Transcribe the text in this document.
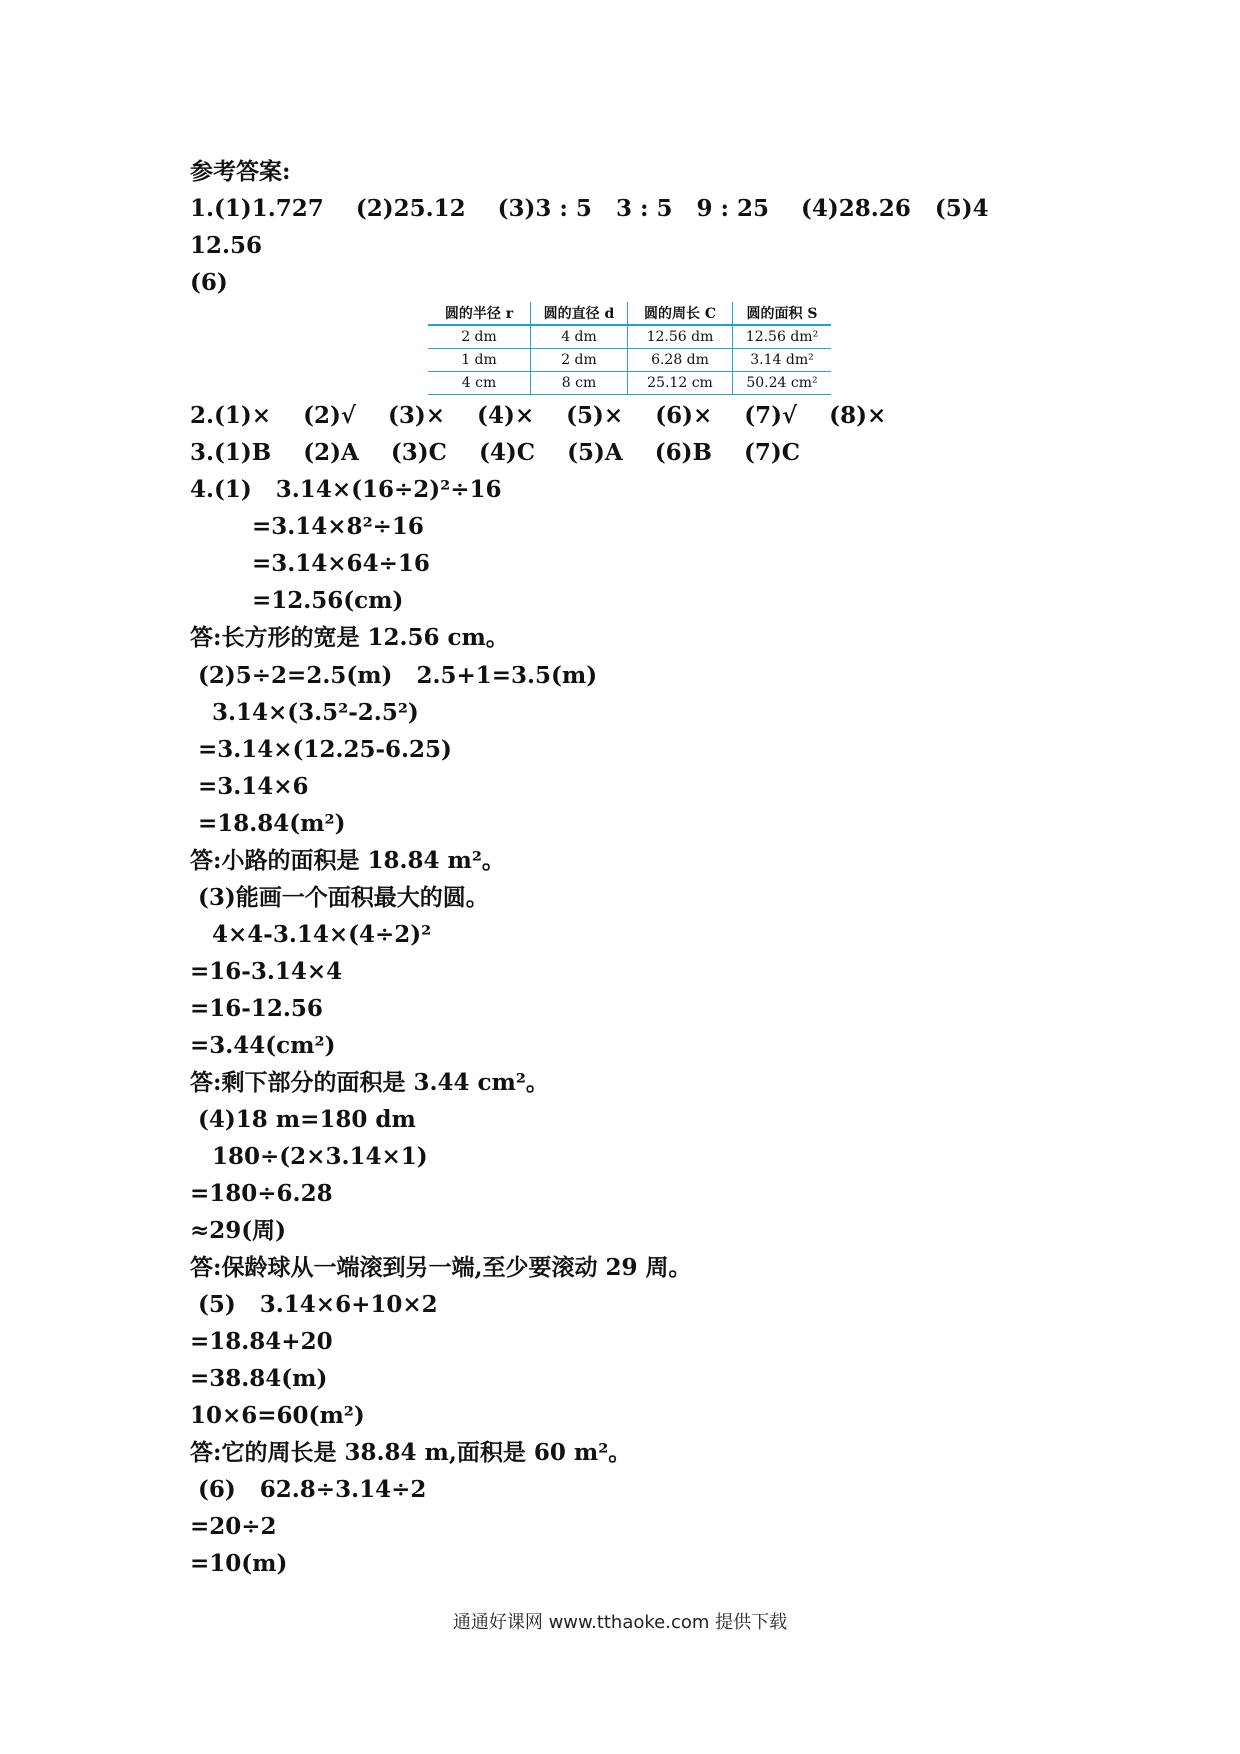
参考答案:
1.(1)1.727    (2)25.12    (3)3 : 5   3 : 5   9 : 25    (4)28.26   (5)4
12.56
(6)
圆的半径 r	圆的直径 d	圆的周长 C	圆的面积 S
2 dm	4 dm	12.56 dm	12.56 dm²
1 dm	2 dm	6.28 dm	3.14 dm²
4 cm	8 cm	25.12 cm	50.24 cm²
2.(1)×    (2)√    (3)×    (4)×    (5)×    (6)×    (7)√    (8)×
3.(1)B    (2)A    (3)C    (4)C    (5)A    (6)B    (7)C
4.(1)   3.14×(16÷2)²÷16
=3.14×8²÷16
=3.14×64÷16
=12.56(cm)
答:长方形的宽是 12.56 cm。
(2)5÷2=2.5(m)   2.5+1=3.5(m)
3.14×(3.5²-2.5²)
=3.14×(12.25-6.25)
=3.14×6
=18.84(m²)
答:小路的面积是 18.84 m²。
(3)能画一个面积最大的圆。
4×4-3.14×(4÷2)²
=16-3.14×4
=16-12.56
=3.44(cm²)
答:剩下部分的面积是 3.44 cm²。
(4)18 m=180 dm
180÷(2×3.14×1)
=180÷6.28
≈29(周)
答:保龄球从一端滚到另一端,至少要滚动 29 周。
(5)   3.14×6+10×2
=18.84+20
=38.84(m)
10×6=60(m²)
答:它的周长是 38.84 m,面积是 60 m²。
(6)   62.8÷3.14÷2
=20÷2
=10(m)
通通好课网 www.tthaoke.com 提供下载
